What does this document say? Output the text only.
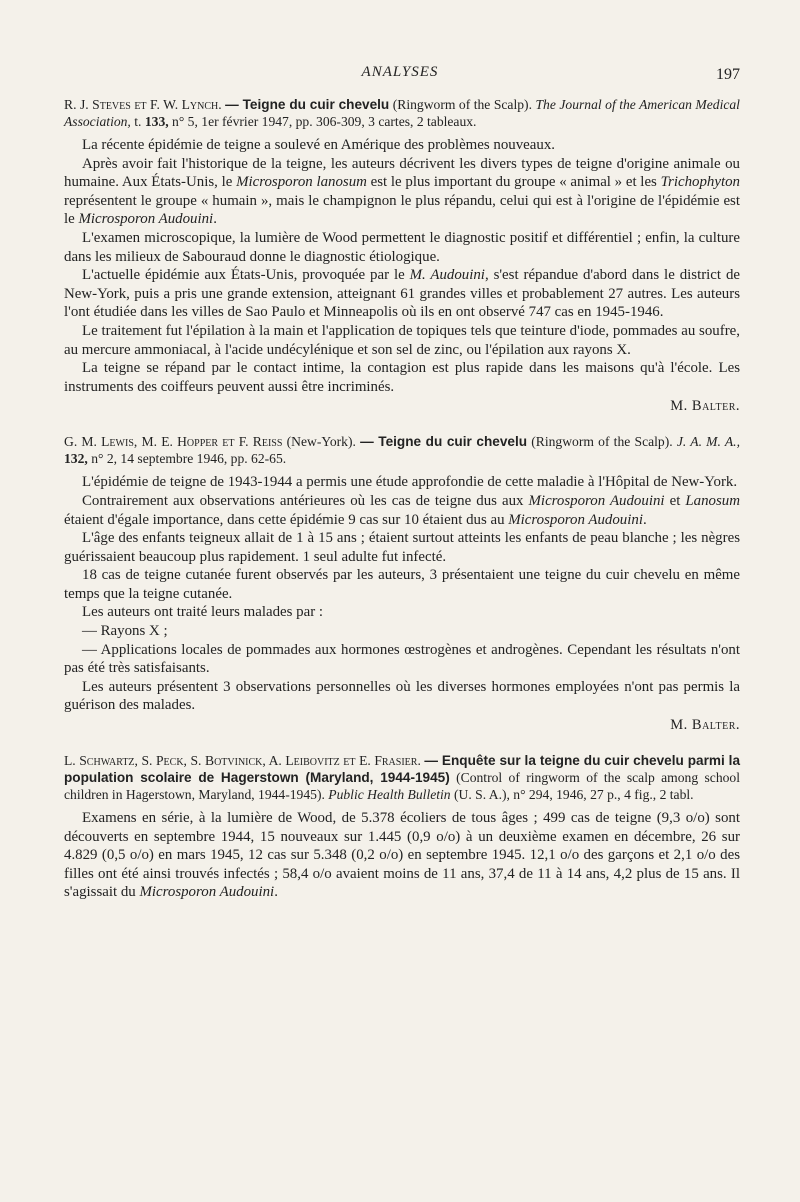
ANALYSES	197

R. J. Steves et F. W. Lynch. — Teigne du cuir chevelu (Ringworm of the Scalp). The Journal of the American Medical Association, t. 133, n° 5, 1er février 1947, pp. 306-309, 3 cartes, 2 tableaux.

La récente épidémie de teigne a soulevé en Amérique des problèmes nouveaux.

Après avoir fait l'historique de la teigne, les auteurs décrivent les divers types de teigne d'origine animale ou humaine. Aux États-Unis, le Microsporon lanosum est le plus important du groupe « animal » et les Trichophyton représentent le groupe « humain », mais le champignon le plus répandu, celui qui est à l'origine de l'épidémie est le Microsporon Audouini.

L'examen microscopique, la lumière de Wood permettent le diagnostic positif et différentiel ; enfin, la culture dans les milieux de Sabouraud donne le diagnostic étiologique.

L'actuelle épidémie aux États-Unis, provoquée par le M. Audouini, s'est répandue d'abord dans le district de New-York, puis a pris une grande extension, atteignant 61 grandes villes et probablement 27 autres. Les auteurs l'ont étudiée dans les villes de Sao Paulo et Minneapolis où ils en ont observé 747 cas en 1945-1946.

Le traitement fut l'épilation à la main et l'application de topiques tels que teinture d'iode, pommades au soufre, au mercure ammoniacal, à l'acide undécylénique et son sel de zinc, ou l'épilation aux rayons X.

La teigne se répand par le contact intime, la contagion est plus rapide dans les maisons qu'à l'école. Les instruments des coiffeurs peuvent aussi être incriminés.

M. Balter.

G. M. Lewis, M. E. Hopper et F. Reiss (New-York). — Teigne du cuir chevelu (Ringworm of the Scalp). J. A. M. A., 132, n° 2, 14 septembre 1946, pp. 62-65.

L'épidémie de teigne de 1943-1944 a permis une étude approfondie de cette maladie à l'Hôpital de New-York.

Contrairement aux observations antérieures où les cas de teigne dus aux Microsporon Audouini et Lanosum étaient d'égale importance, dans cette épidémie 9 cas sur 10 étaient dus au Microsporon Audouini.

L'âge des enfants teigneux allait de 1 à 15 ans ; étaient surtout atteints les enfants de peau blanche ; les nègres guérissaient beaucoup plus rapidement. 1 seul adulte fut infecté.

18 cas de teigne cutanée furent observés par les auteurs, 3 présentaient une teigne du cuir chevelu en même temps que la teigne cutanée.

Les auteurs ont traité leurs malades par :

— Rayons X ;

— Applications locales de pommades aux hormones œstrogènes et androgènes. Cependant les résultats n'ont pas été très satisfaisants.

Les auteurs présentent 3 observations personnelles où les diverses hormones employées n'ont pas permis la guérison des malades.

M. Balter.

L. Schwartz, S. Peck, S. Botvinick, A. Leibovitz et E. Frasier. — Enquête sur la teigne du cuir chevelu parmi la population scolaire de Hagerstown (Maryland, 1944-1945) (Control of ringworm of the scalp among school children in Hagerstown, Maryland, 1944-1945). Public Health Bulletin (U. S. A.), n° 294, 1946, 27 p., 4 fig., 2 tabl.

Examens en série, à la lumière de Wood, de 5.378 écoliers de tous âges ; 499 cas de teigne (9,3 o/o) sont découverts en septembre 1944, 15 nouveaux sur 1.445 (0,9 o/o) à un deuxième examen en décembre, 26 sur 4.829 (0,5 o/o) en mars 1945, 12 cas sur 5.348 (0,2 o/o) en septembre 1945. 12,1 o/o des garçons et 2,1 o/o des filles ont été ainsi trouvés infectés ; 58,4 o/o avaient moins de 11 ans, 37,4 de 11 à 14 ans, 4,2 plus de 15 ans. Il s'agissait du Microsporon Audouini.
